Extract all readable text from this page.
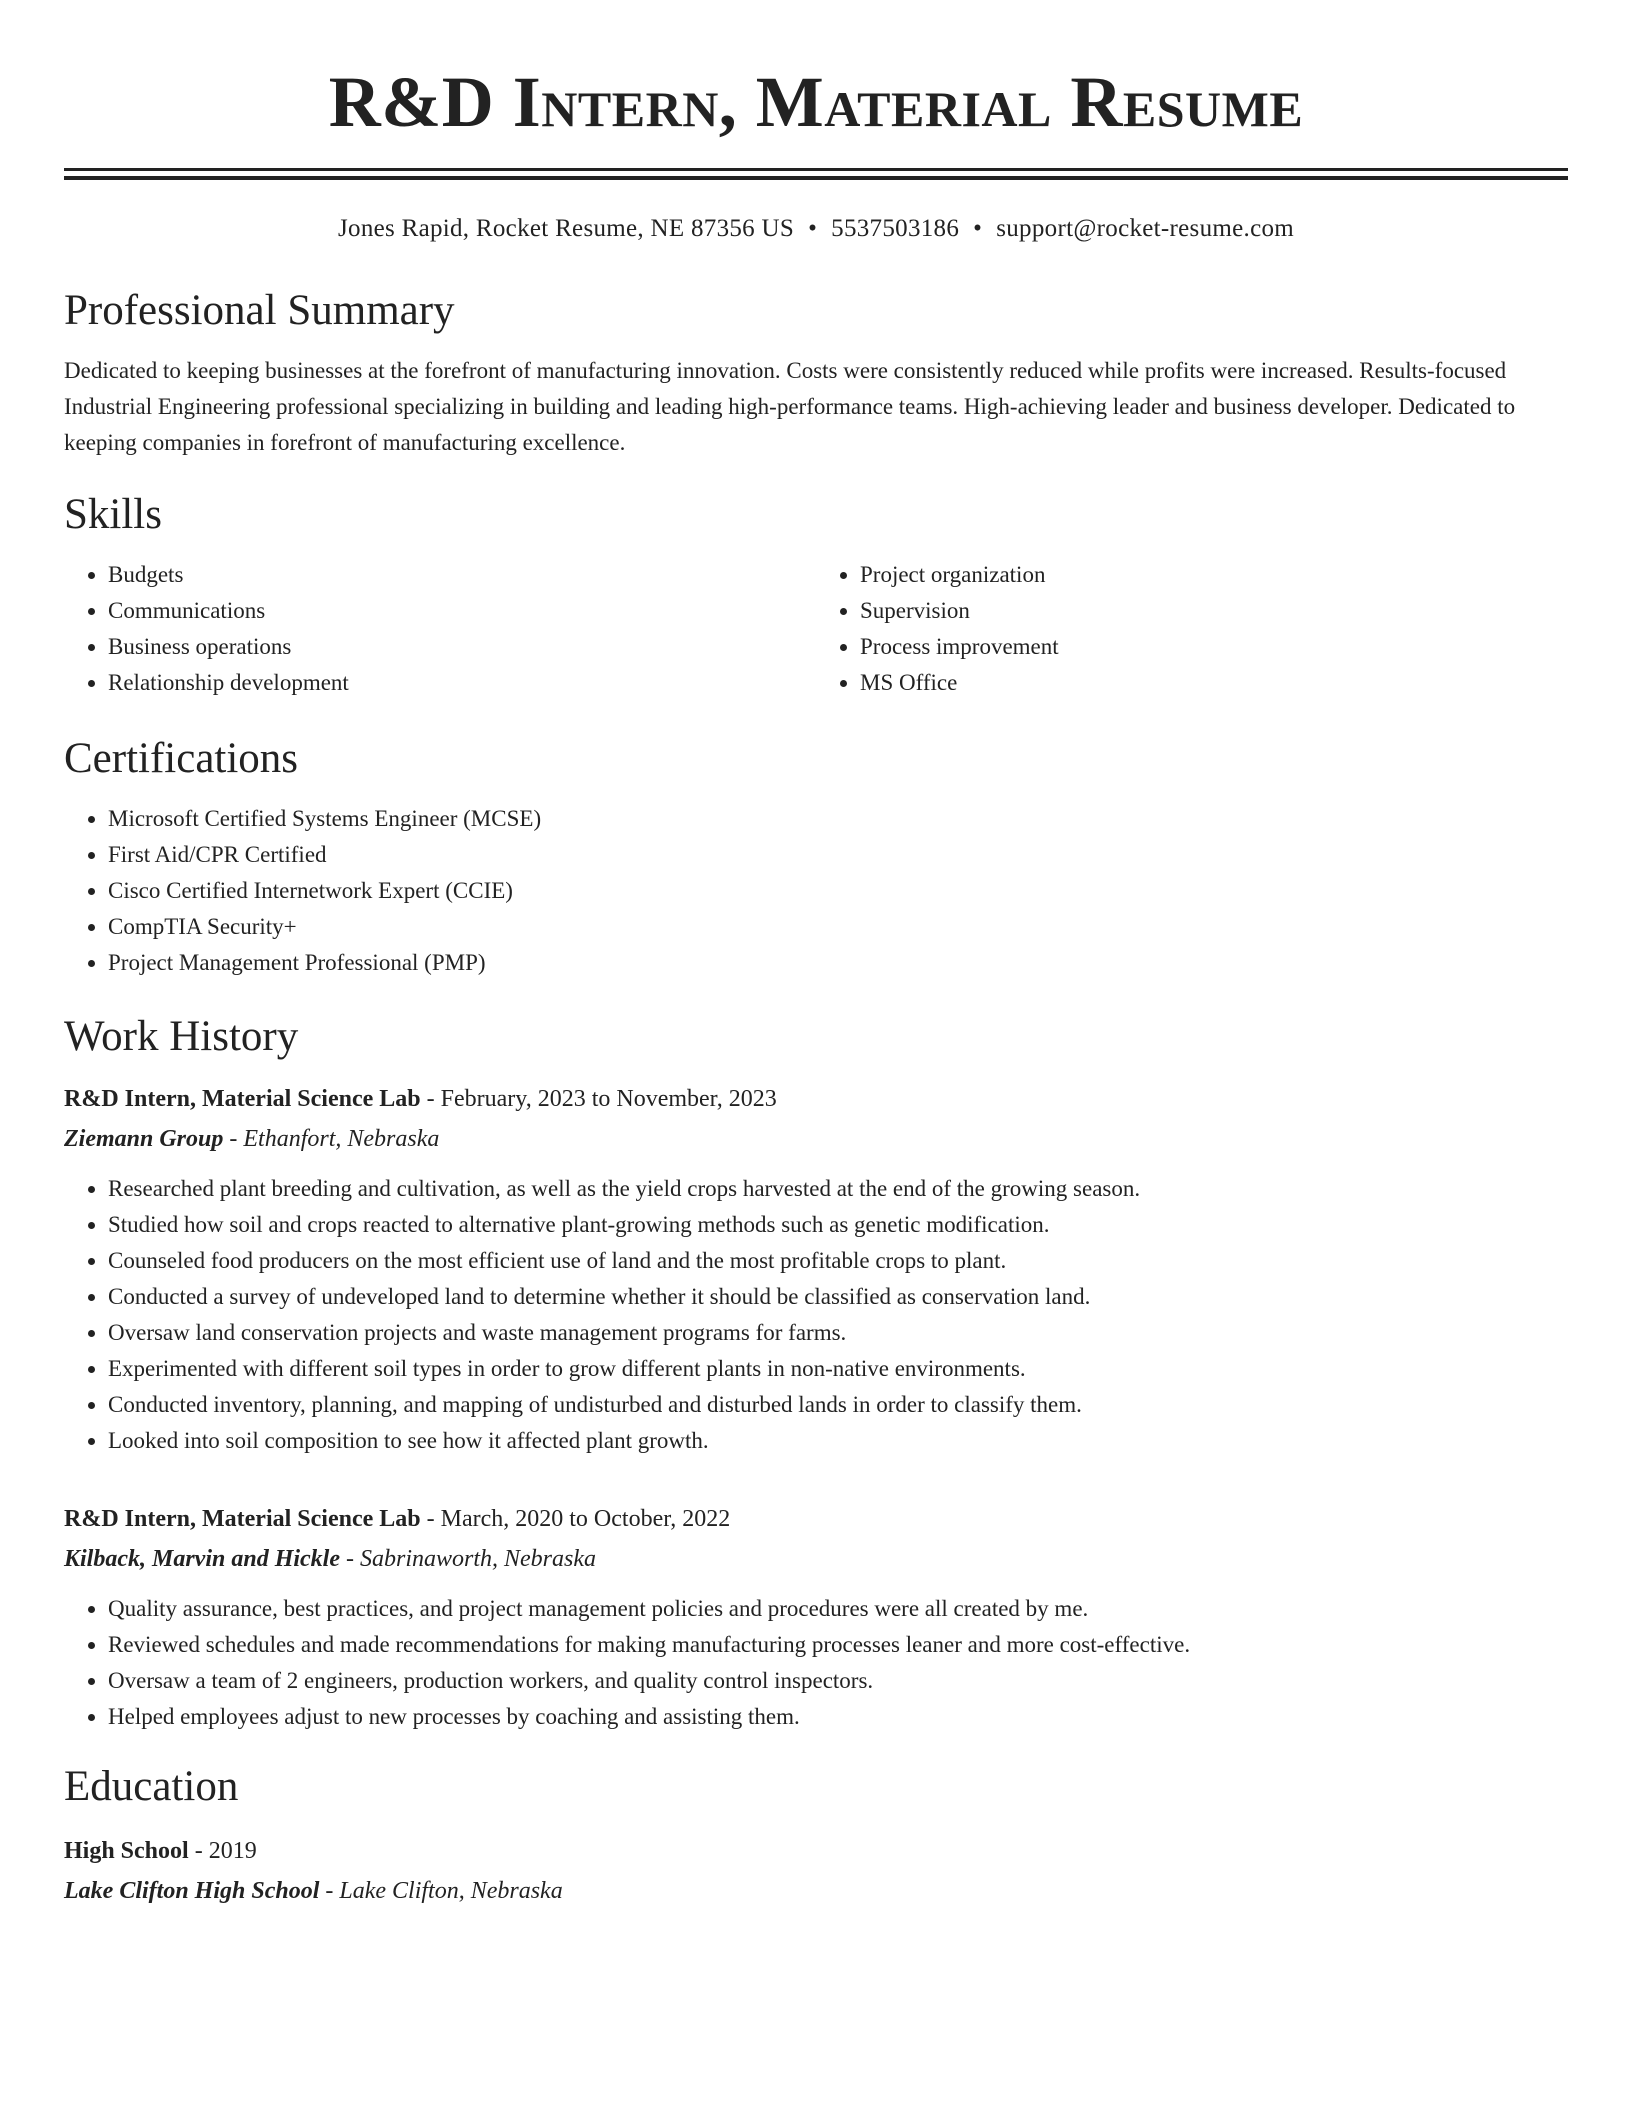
R&D Intern, Material Resume
Jones Rapid, Rocket Resume, NE 87356 US • 5537503186 • support@rocket-resume.com
Professional Summary

Dedicated to keeping businesses at the forefront of manufacturing innovation. Costs were consistently reduced while profits were increased. Results-focused Industrial Engineering professional specializing in building and leading high-performance teams. High-achieving leader and business developer. Dedicated to keeping companies in forefront of manufacturing excellence.

Skills
• Budgets
• Communications
• Business operations
• Relationship development
• Project organization
• Supervision
• Process improvement
• MS Office
Certifications
• Microsoft Certified Systems Engineer (MCSE)
• First Aid/CPR Certified
• Cisco Certified Internetwork Expert (CCIE)
• CompTIA Security+
• Project Management Professional (PMP)
Work History
R&D Intern, Material Science Lab - February, 2023 to November, 2023
Ziemann Group - Ethanfort, Nebraska
• Researched plant breeding and cultivation, as well as the yield crops harvested at the end of the growing season.
• Studied how soil and crops reacted to alternative plant-growing methods such as genetic modification.
• Counseled food producers on the most efficient use of land and the most profitable crops to plant.
• Conducted a survey of undeveloped land to determine whether it should be classified as conservation land.
• Oversaw land conservation projects and waste management programs for farms.
• Experimented with different soil types in order to grow different plants in non-native environments.
• Conducted inventory, planning, and mapping of undisturbed and disturbed lands in order to classify them.
• Looked into soil composition to see how it affected plant growth.
R&D Intern, Material Science Lab - March, 2020 to October, 2022
Kilback, Marvin and Hickle - Sabrinaworth, Nebraska
• Quality assurance, best practices, and project management policies and procedures were all created by me.
• Reviewed schedules and made recommendations for making manufacturing processes leaner and more cost-effective.
• Oversaw a team of 2 engineers, production workers, and quality control inspectors.
• Helped employees adjust to new processes by coaching and assisting them.
Education
High School - 2019
Lake Clifton High School - Lake Clifton, Nebraska
